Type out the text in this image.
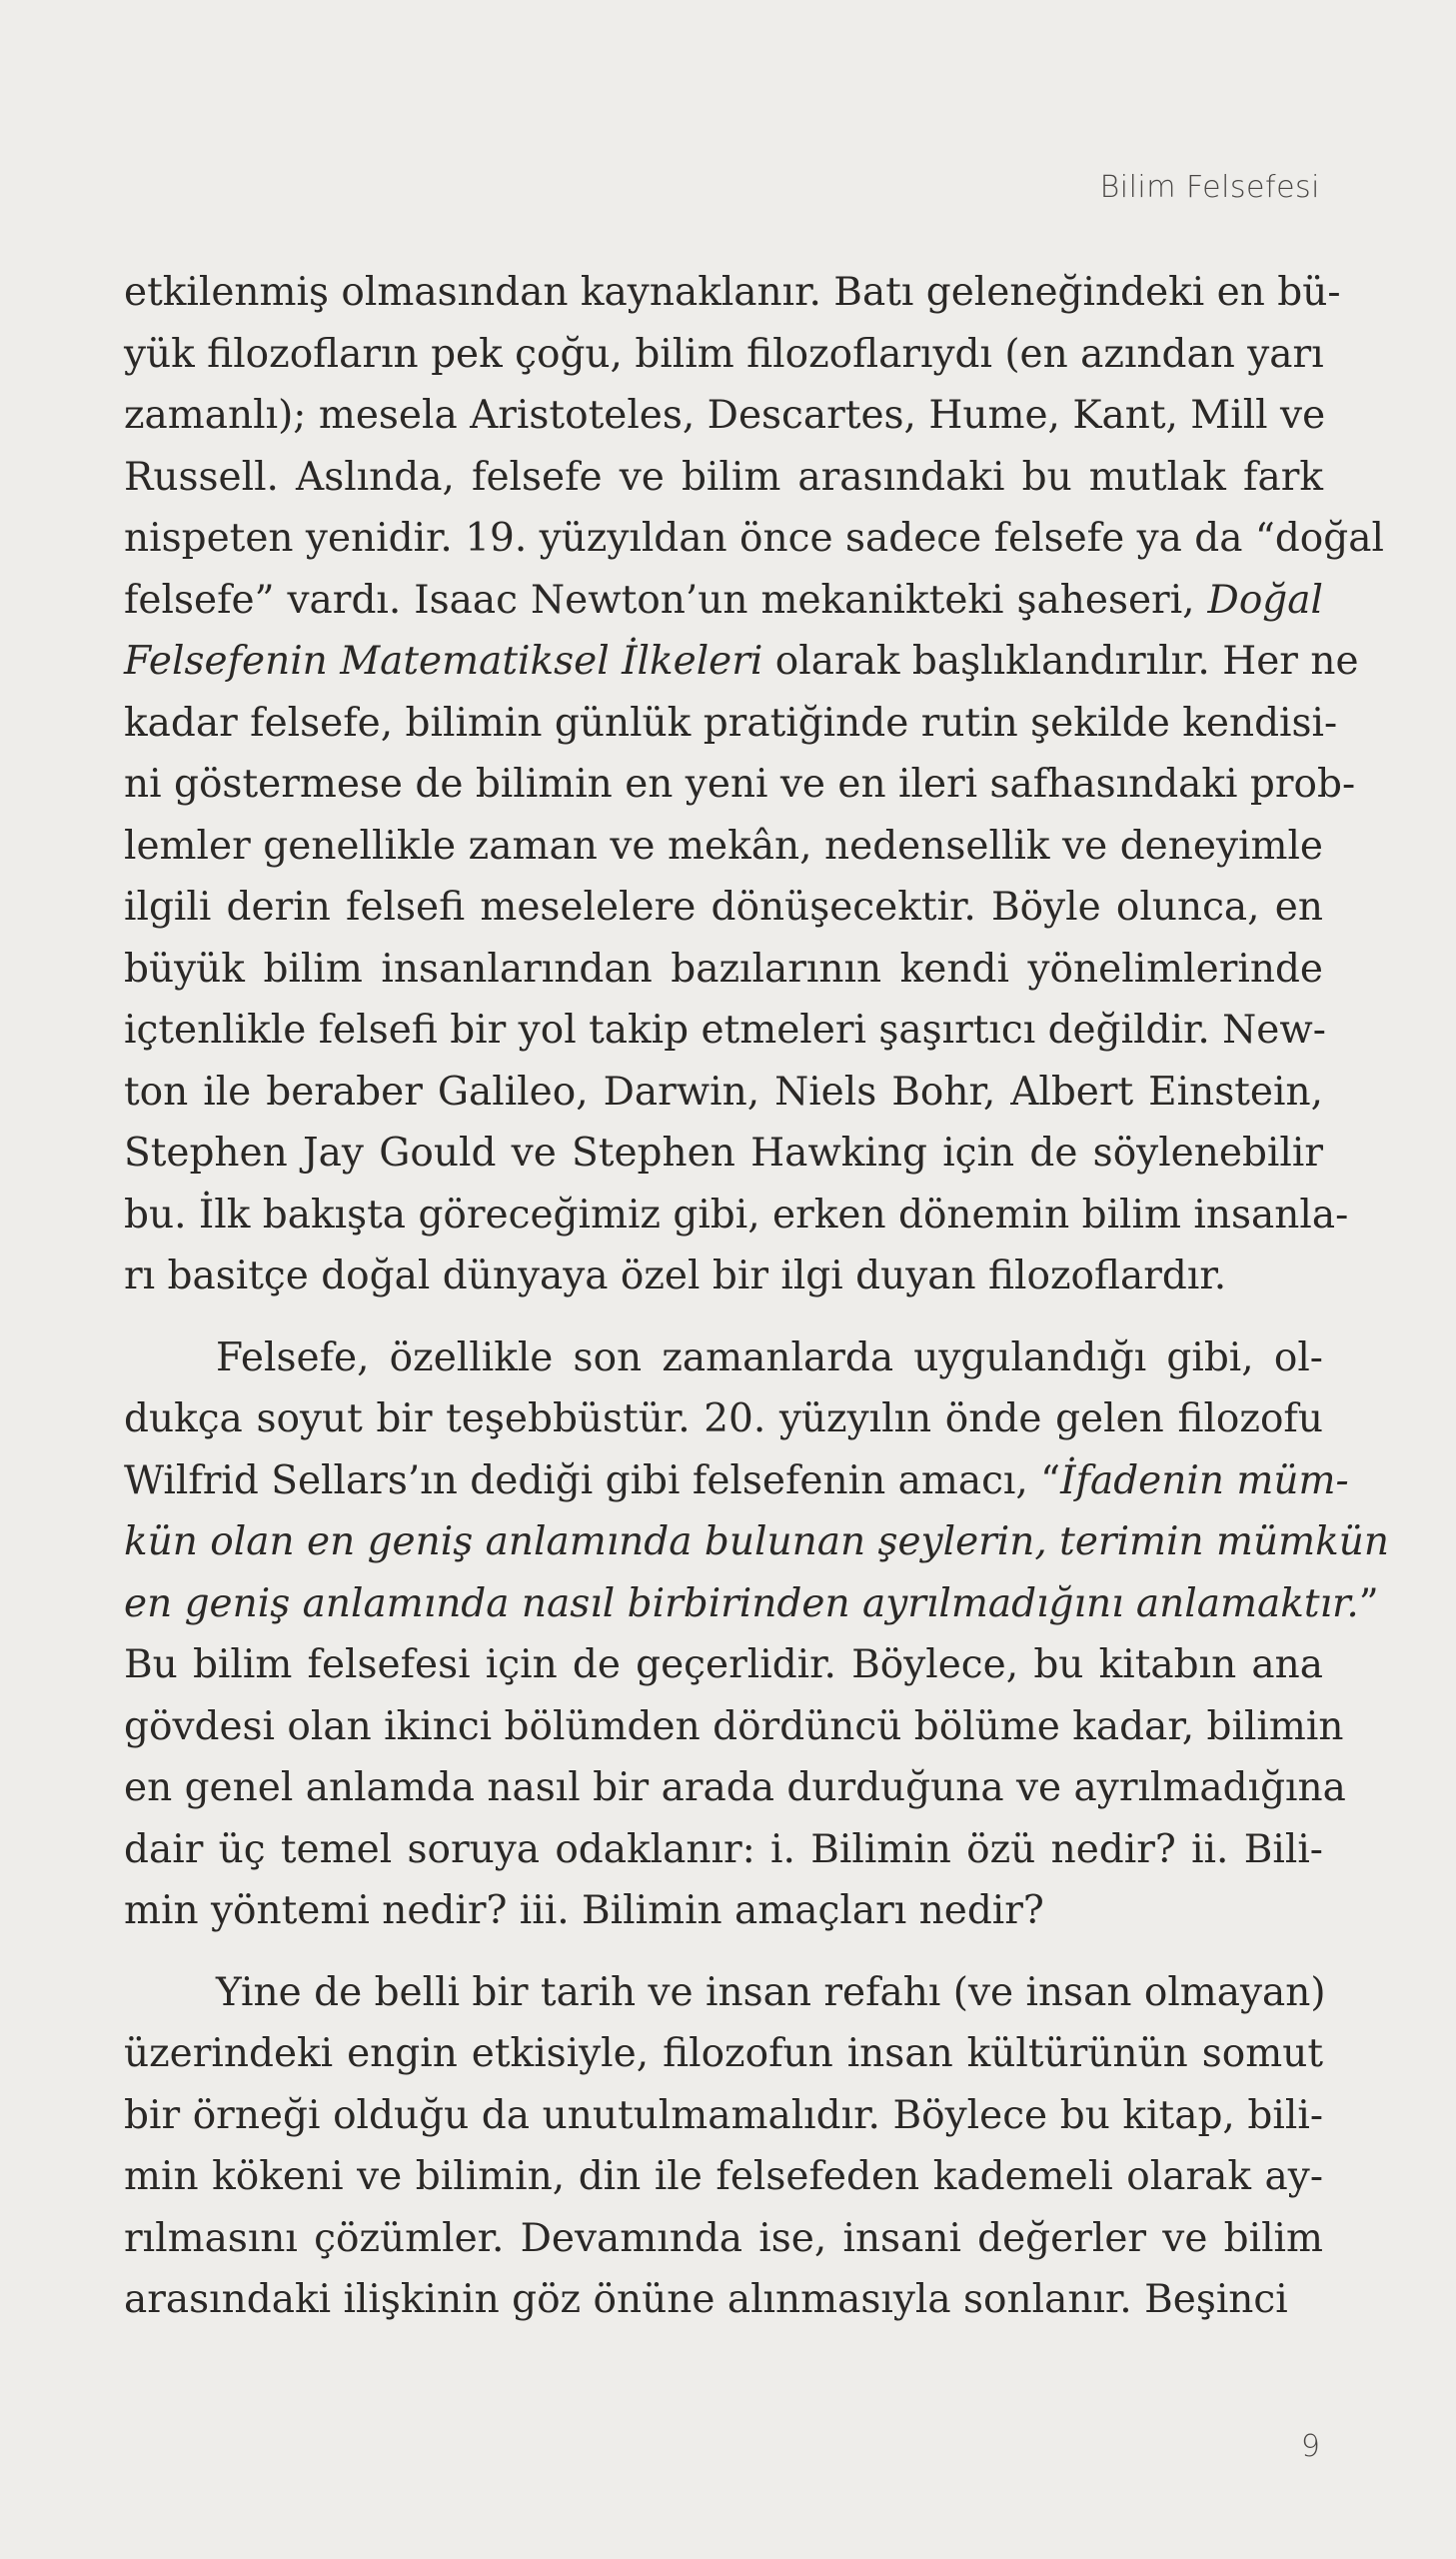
Bilim Felsefesi
etkilenmiş olmasından kaynaklanır. Batı geleneğindeki en bü-
yük filozofların pek çoğu, bilim filozoflarıydı (en azından yarı
zamanlı); mesela Aristoteles, Descartes, Hume, Kant, Mill ve
Russell. Aslında, felsefe ve bilim arasındaki bu mutlak fark
nispeten yenidir. 19. yüzyıldan önce sadece felsefe ya da “doğal
felsefe” vardı. Isaac Newton’un mekanikteki şaheseri, Doğal
Felsefenin Matematiksel İlkeleri olarak başlıklandırılır. Her ne
kadar felsefe, bilimin günlük pratiğinde rutin şekilde kendisi-
ni göstermese de bilimin en yeni ve en ileri safhasındaki prob-
lemler genellikle zaman ve mekân, nedensellik ve deneyimle
ilgili derin felsefi meselelere dönüşecektir. Böyle olunca, en
büyük bilim insanlarından bazılarının kendi yönelimlerinde
içtenlikle felsefi bir yol takip etmeleri şaşırtıcı değildir. New-
ton ile beraber Galileo, Darwin, Niels Bohr, Albert Einstein,
Stephen Jay Gould ve Stephen Hawking için de söylenebilir
bu. İlk bakışta göreceğimiz gibi, erken dönemin bilim insanla-
rı basitçe doğal dünyaya özel bir ilgi duyan filozoflardır.
Felsefe, özellikle son zamanlarda uygulandığı gibi, ol-
dukça soyut bir teşebbüstür. 20. yüzyılın önde gelen filozofu
Wilfrid Sellars’ın dediği gibi felsefenin amacı, “İfadenin müm-
kün olan en geniş anlamında bulunan şeylerin, terimin mümkün
en geniş anlamında nasıl birbirinden ayrılmadığını anlamaktır.”
Bu bilim felsefesi için de geçerlidir. Böylece, bu kitabın ana
gövdesi olan ikinci bölümden dördüncü bölüme kadar, bilimin
en genel anlamda nasıl bir arada durduğuna ve ayrılmadığına
dair üç temel soruya odaklanır: i. Bilimin özü nedir? ii. Bili-
min yöntemi nedir? iii. Bilimin amaçları nedir?
Yine de belli bir tarih ve insan refahı (ve insan olmayan)
üzerindeki engin etkisiyle, filozofun insan kültürünün somut
bir örneği olduğu da unutulmamalıdır. Böylece bu kitap, bili-
min kökeni ve bilimin, din ile felsefeden kademeli olarak ay-
rılmasını çözümler. Devamında ise, insani değerler ve bilim
arasındaki ilişkinin göz önüne alınmasıyla sonlanır. Beşinci
9
